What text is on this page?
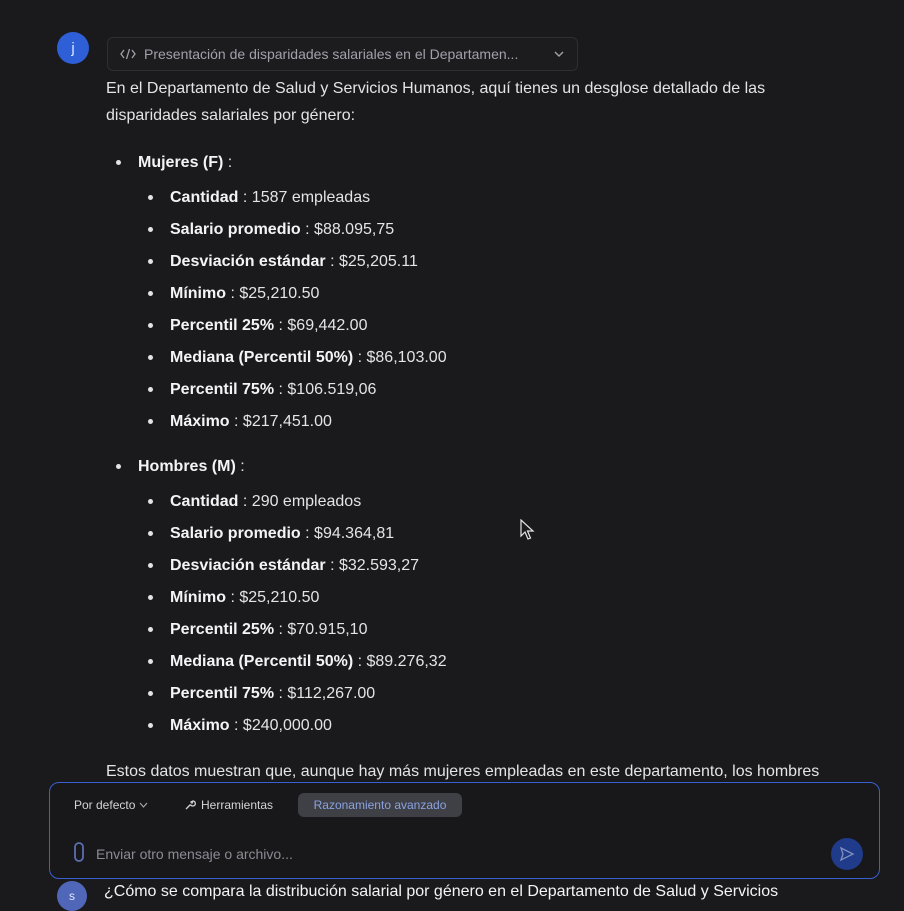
j	Presentación de disparidades salariales en el Departamen...

En el Departamento de Salud y Servicios Humanos, aquí tienes un desglose detallado de las

disparidades salariales por género:

Mujeres (F) :
Cantidad : 1587 empleadas
Salario promedio : $88.095,75
Desviación estándar : $25,205.11
Mínimo : $25,210.50
Percentil 25% : $69,442.00
Mediana (Percentil 50%) : $86,103.00
Percentil 75% : $106.519,06
Máximo : $217,451.00
Hombres (M) :
Cantidad : 290 empleados
Salario promedio : $94.364,81
Desviación estándar : $32.593,27
Mínimo : $25,210.50
Percentil 25% : $70.915,10
Mediana (Percentil 50%) : $89.276,32
Percentil 75% : $112,267.00
Máximo : $240,000.00
Estos datos muestran que, aunque hay más mujeres empleadas en este departamento, los hombres
Por defecto	Herramientas	Razonamiento avanzado
Enviar otro mensaje o archivo...
s	¿Cómo se compara la distribución salarial por género en el Departamento de Salud y Servicios
